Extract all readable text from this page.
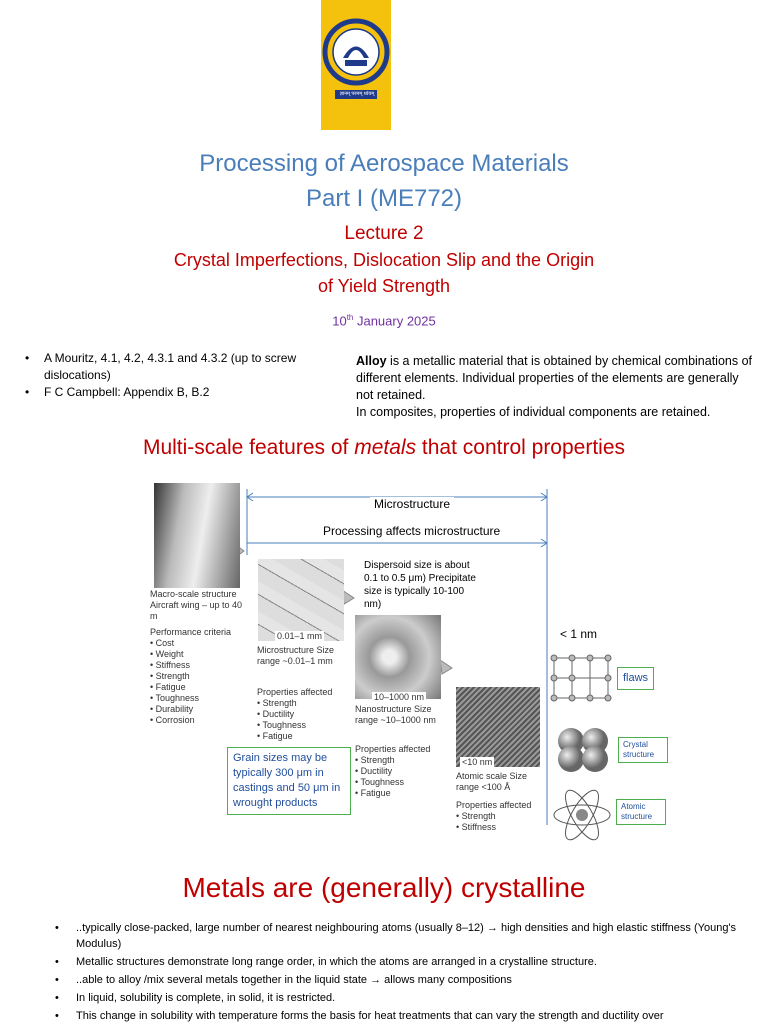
ज्ञानम् परमम् ध्येयम्
Processing of Aerospace Materials
Part I (ME772)
Lecture 2
Crystal Imperfections, Dislocation Slip and the Origin
of Yield Strength
10th January 2025
• A Mouritz, 4.1, 4.2, 4.3.1 and 4.3.2 (up to screw dislocations)
• F C Campbell: Appendix B, B.2
Alloy is a metallic material that is obtained by chemical combinations of different elements. Individual properties of the elements are generally not retained.
In composites, properties of individual components are retained.
Multi-scale features of metals that control properties
Microstructure
Processing affects microstructure
Macro-scale structure Aircraft wing – up to 40 m
Performance criteria
• Cost
• Weight
• Stiffness
• Strength
• Fatigue
• Toughness
• Durability
• Corrosion
0.01–1 mm
Microstructure Size range ~0.01–1 mm
Properties affected
• Strength
• Ductility
• Toughness
• Fatigue
Dispersoid size is about 0.1 to 0.5 μm) Precipitate size is typically 10-100 nm)
10–1000 nm
Nanostructure Size range ~10–1000 nm
Properties affected
• Strength
• Ductility
• Toughness
• Fatigue
<10 nm
Atomic scale Size range <100 Å
Properties affected
• Strength
• Stiffness
Grain sizes may be typically 300 μm in castings and 50 μm in wrought products
< 1 nm
flaws
Crystal structure
Atomic structure
Metals are (generally) crystalline
• ..typically close-packed, large number of nearest neighbouring atoms (usually 8–12) → high densities and high elastic stiffness (Young's Modulus)
• Metallic structures demonstrate long range order, in which the atoms are arranged in a crystalline structure.
• ..able to alloy /mix several metals together in the liquid state → allows many compositions
• In liquid, solubility is complete, in solid, it is restricted.
• This change in solubility with temperature forms the basis for heat treatments that can vary the strength and ductility over
